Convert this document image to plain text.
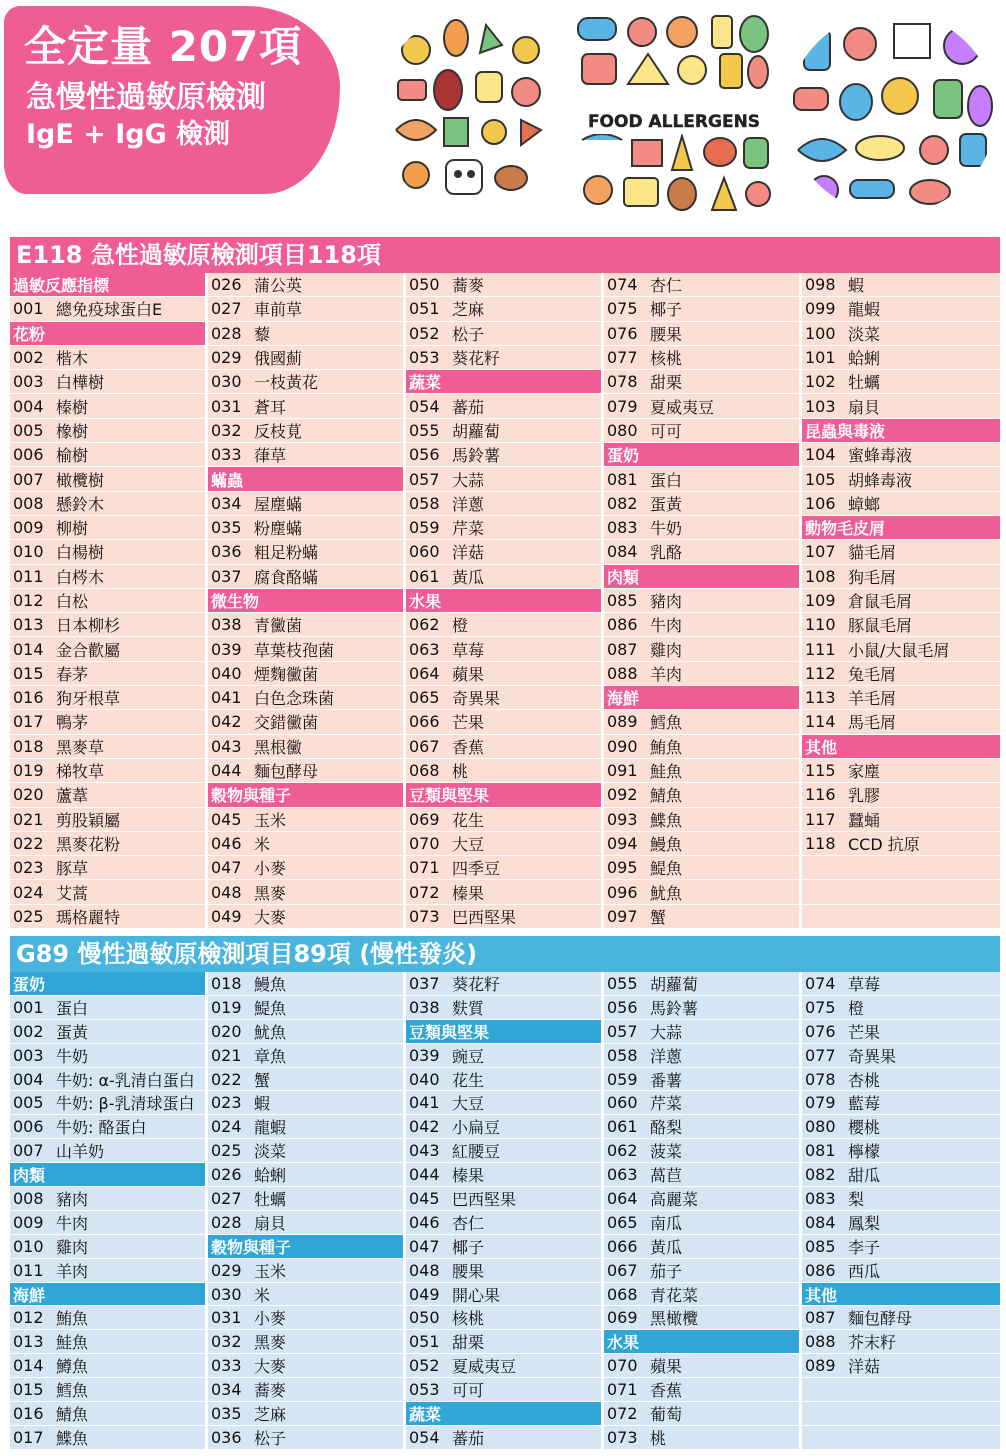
全定量 207項
急慢性過敏原檢測
IgE + IgG 檢測	FOOD ALLERGENS
E118 急性過敏原檢測項目118項
過敏反應指標
001 總免疫球蛋白E
花粉
002 楷木
003 白樺樹
004 榛樹
005 橡樹
006 榆樹
007 橄欖樹
008 懸鈴木
009 柳樹
010 白楊樹
011 白梣木
012 白松
013 日本柳杉
014 金合歡屬
015 春茅
016 狗牙根草
017 鴨茅
018 黑麥草
019 梯牧草
020 蘆葦
021 剪股穎屬
022 黑麥花粉
023 豚草
024 艾蒿
025 瑪格麗特
026 蒲公英
027 車前草
028 藜
029 俄國薊
030 一枝黃花
031 蒼耳
032 反枝莧
033 葎草
蟎蟲
034 屋塵蟎
035 粉塵蟎
036 粗足粉蟎
037 腐食酪蟎
微生物
038 青黴菌
039 草葉枝孢菌
040 煙麴黴菌
041 白色念珠菌
042 交錯黴菌
043 黑根黴
044 麵包酵母
穀物與種子
045 玉米
046 米
047 小麥
048 黑麥
049 大麥
050 蕎麥
051 芝麻
052 松子
053 葵花籽
蔬菜
054 蕃茄
055 胡蘿蔔
056 馬鈴薯
057 大蒜
058 洋蔥
059 芹菜
060 洋菇
061 黃瓜
水果
062 橙
063 草莓
064 蘋果
065 奇異果
066 芒果
067 香蕉
068 桃
豆類與堅果
069 花生
070 大豆
071 四季豆
072 榛果
073 巴西堅果
074 杏仁
075 椰子
076 腰果
077 核桃
078 甜栗
079 夏威夷豆
080 可可
蛋奶
081 蛋白
082 蛋黃
083 牛奶
084 乳酪
肉類
085 豬肉
086 牛肉
087 雞肉
088 羊肉
海鮮
089 鱈魚
090 鮪魚
091 鮭魚
092 鯖魚
093 鰈魚
094 鰻魚
095 鯷魚
096 魷魚
097 蟹
098 蝦
099 龍蝦
100 淡菜
101 蛤蜊
102 牡蠣
103 扇貝
昆蟲與毒液
104 蜜蜂毒液
105 胡蜂毒液
106 蟑螂
動物毛皮屑
107 貓毛屑
108 狗毛屑
109 倉鼠毛屑
110 豚鼠毛屑
111 小鼠/大鼠毛屑
112 兔毛屑
113 羊毛屑
114 馬毛屑
其他
115 家塵
116 乳膠
117 蠶蛹
118 CCD 抗原
G89 慢性過敏原檢測項目89項 (慢性發炎)
蛋奶
001 蛋白
002 蛋黃
003 牛奶
004 牛奶: α-乳清白蛋白
005 牛奶: β-乳清球蛋白
006 牛奶: 酪蛋白
007 山羊奶
肉類
008 豬肉
009 牛肉
010 雞肉
011 羊肉
海鮮
012 鮪魚
013 鮭魚
014 鱒魚
015 鱈魚
016 鯖魚
017 鰈魚
018 鰻魚
019 鯷魚
020 魷魚
021 章魚
022 蟹
023 蝦
024 龍蝦
025 淡菜
026 蛤蜊
027 牡蠣
028 扇貝
穀物與種子
029 玉米
030 米
031 小麥
032 黑麥
033 大麥
034 蕎麥
035 芝麻
036 松子
037 葵花籽
038 麩質
豆類與堅果
039 豌豆
040 花生
041 大豆
042 小扁豆
043 紅腰豆
044 榛果
045 巴西堅果
046 杏仁
047 椰子
048 腰果
049 開心果
050 核桃
051 甜栗
052 夏威夷豆
053 可可
蔬菜
054 蕃茄
055 胡蘿蔔
056 馬鈴薯
057 大蒜
058 洋蔥
059 番薯
060 芹菜
061 酪梨
062 菠菜
063 萵苣
064 高麗菜
065 南瓜
066 黃瓜
067 茄子
068 青花菜
069 黑橄欖
水果
070 蘋果
071 香蕉
072 葡萄
073 桃
074 草莓
075 橙
076 芒果
077 奇異果
078 杏桃
079 藍莓
080 櫻桃
081 檸檬
082 甜瓜
083 梨
084 鳳梨
085 李子
086 西瓜
其他
087 麵包酵母
088 芥末籽
089 洋菇
